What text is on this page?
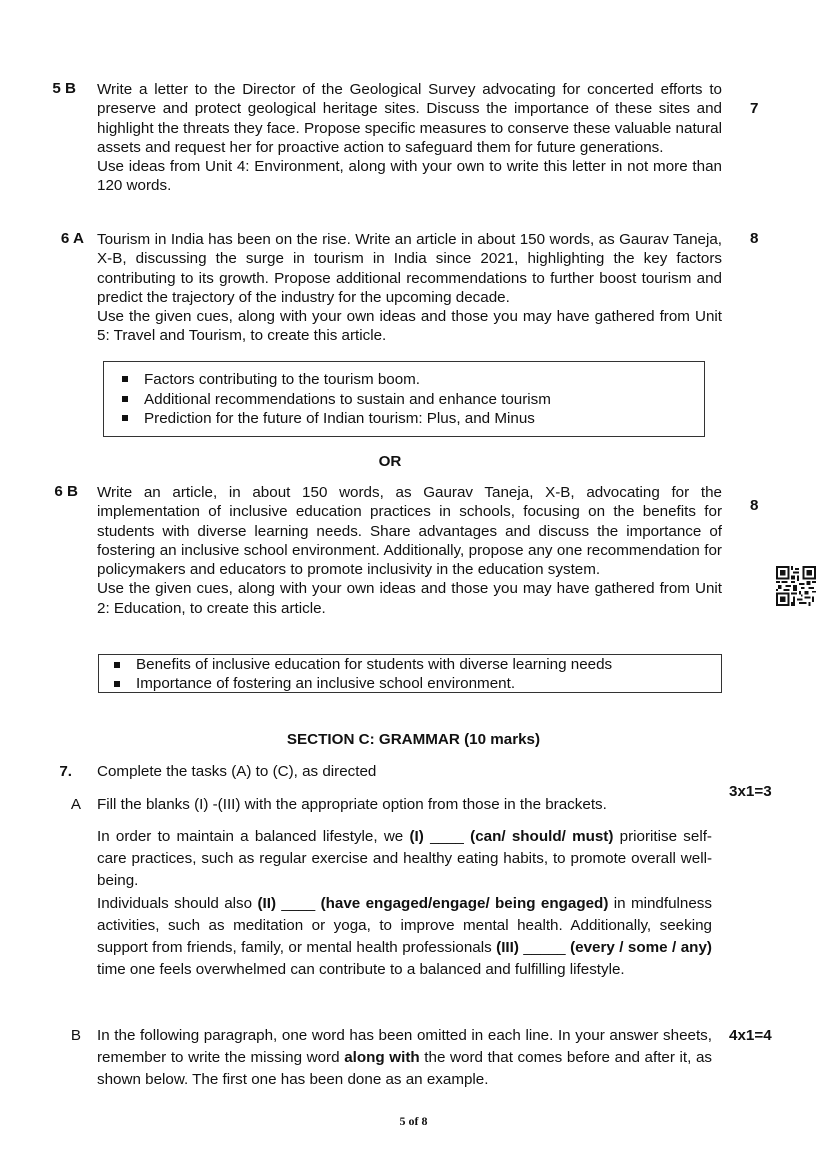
5 B Write a letter to the Director of the Geological Survey advocating for concerted efforts to preserve and protect geological heritage sites. Discuss the importance of these sites and highlight the threats they face. Propose specific measures to conserve these valuable natural assets and request her for proactive action to safeguard them for future generations.

Use ideas from Unit 4: Environment, along with your own to write this letter in not more than 120 words.

7
6 A Tourism in India has been on the rise. Write an article in about 150 words, as Gaurav Taneja, X-B, discussing the surge in tourism in India since 2021, highlighting the key factors contributing to its growth. Propose additional recommendations to further boost tourism and predict the trajectory of the industry for the upcoming decade.

Use the given cues, along with your own ideas and those you may have gathered from Unit 5: Travel and Tourism, to create this article.

8
Factors contributing to the tourism boom.
Additional recommendations to sustain and enhance tourism
Prediction for the future of Indian tourism: Plus, and Minus
OR
6 B Write an article, in about 150 words, as Gaurav Taneja, X-B, advocating for the implementation of inclusive education practices in schools, focusing on the benefits for students with diverse learning needs. Share advantages and discuss the importance of fostering an inclusive school environment. Additionally, propose any one recommendation for policymakers and educators to promote inclusivity in the education system.

Use the given cues, along with your own ideas and those you may have gathered from Unit 2: Education, to create this article.

8
Benefits of inclusive education for students with diverse learning needs
Importance of fostering an inclusive school environment.
SECTION C: GRAMMAR (10 marks)
7. Complete the tasks (A) to (C), as directed
A
3x1=3
Fill the blanks (I) -(III) with the appropriate option from those in the brackets.

In order to maintain a balanced lifestyle, we (I) ____ (can/ should/ must) prioritise self-care practices, such as regular exercise and healthy eating habits, to promote overall well-being.

Individuals should also (II) ____ (have engaged/engage/ being engaged) in mindfulness activities, such as meditation or yoga, to improve mental health. Additionally, seeking support from friends, family, or mental health professionals (III) _____ (every / some / any) time one feels overwhelmed can contribute to a balanced and fulfilling lifestyle.

B	4x1=4

In the following paragraph, one word has been omitted in each line. In your answer sheets, remember to write the missing word along with the word that comes before and after it, as shown below. The first one has been done as an example.

5 of 8
